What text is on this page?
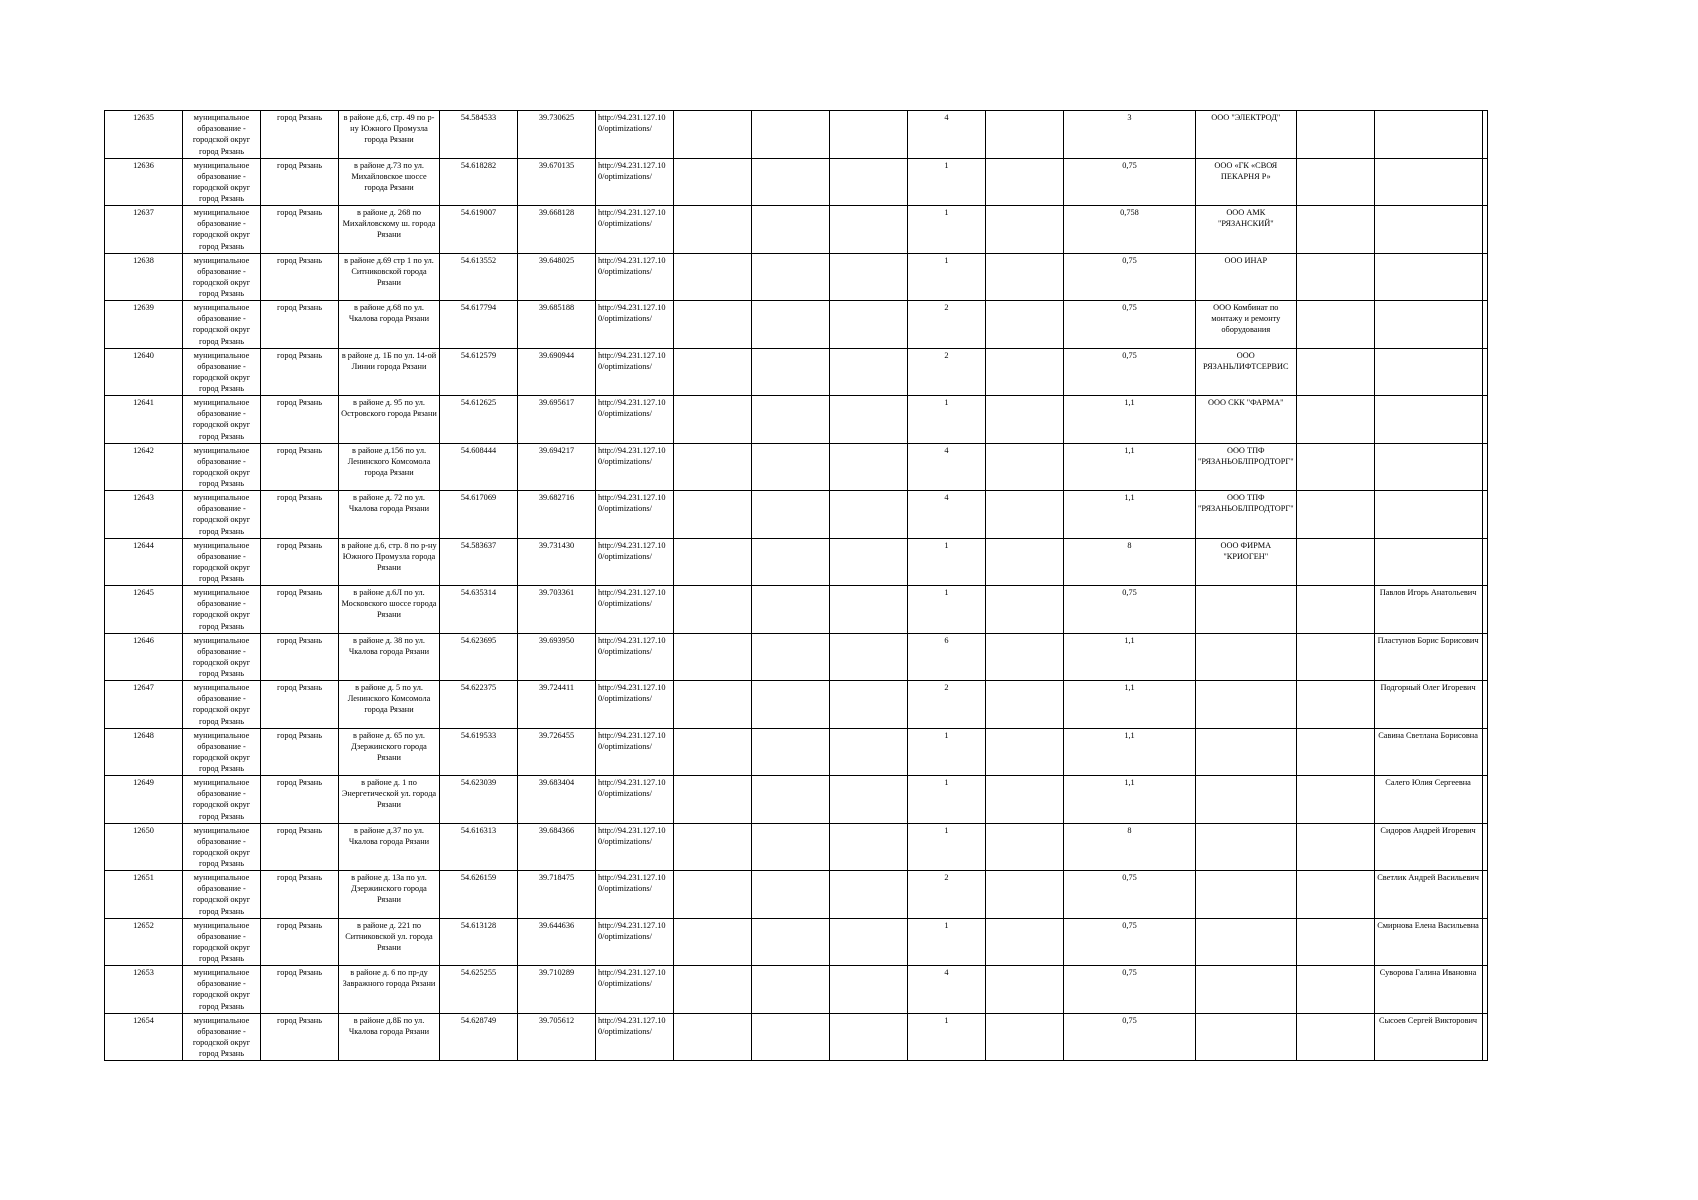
12635	муниципальное образование - городской округ город Рязань	город Рязань	в районе д.6, стр. 49 по р-ну Южного Промузла города Рязани	54.584533	39.730625	http://94.231.127.10 0/optimizations/				4		3	ООО "ЭЛЕКТРОД"			
12636	муниципальное образование - городской округ город Рязань	город Рязань	в районе д.73 по ул. Михайловское шоссе города Рязани	54.618282	39.670135	http://94.231.127.10 0/optimizations/				1		0,75	ООО «ГК «СВОЯ ПЕКАРНЯ Р»			
12637	муниципальное образование - городской округ город Рязань	город Рязань	в районе д. 268 по Михайловскому ш. города Рязани	54.619007	39.668128	http://94.231.127.10 0/optimizations/				1		0,758	ООО АМК "РЯЗАНСКИЙ"			
12638	муниципальное образование - городской округ город Рязань	город Рязань	в районе д.69 стр 1 по ул. Ситниковской города Рязани	54.613552	39.648025	http://94.231.127.10 0/optimizations/				1		0,75	ООО ИНАР			
12639	муниципальное образование - городской округ город Рязань	город Рязань	в районе д.68 по ул. Чкалова города Рязани	54.617794	39.685188	http://94.231.127.10 0/optimizations/				2		0,75	ООО Комбинат по монтажу и ремонту оборудования			
12640	муниципальное образование - городской округ город Рязань	город Рязань	в районе д. 1Б по ул. 14-ой Линии города Рязани	54.612579	39.690944	http://94.231.127.10 0/optimizations/				2		0,75	ООО РЯЗАНЬЛИФТСЕРВИС			
12641	муниципальное образование - городской округ город Рязань	город Рязань	в районе д. 95 по ул. Островского города Рязани	54.612625	39.695617	http://94.231.127.10 0/optimizations/				1		1,1	ООО СКК "ФАРМА"			
12642	муниципальное образование - городской округ город Рязань	город Рязань	в районе д.156 по ул. Ленинского Комсомола города Рязани	54.608444	39.694217	http://94.231.127.10 0/optimizations/				4		1,1	ООО ТПФ "РЯЗАНЬОБЛПРОДТОРГ"			
12643	муниципальное образование - городской округ город Рязань	город Рязань	в районе д. 72 по ул. Чкалова города Рязани	54.617069	39.682716	http://94.231.127.10 0/optimizations/				4		1,1	ООО ТПФ "РЯЗАНЬОБЛПРОДТОРГ"			
12644	муниципальное образование - городской округ город Рязань	город Рязань	в районе д.6, стр. 8 по р-ну Южного Промузла города Рязани	54.583637	39.731430	http://94.231.127.10 0/optimizations/				1		8	ООО ФИРМА "КРИОГЕН"			
12645	муниципальное образование - городской округ город Рязань	город Рязань	в районе д.6Л по ул. Московского шоссе города Рязани	54.635314	39.703361	http://94.231.127.10 0/optimizations/				1		0,75			Павлов Игорь Анатольевич	
12646	муниципальное образование - городской округ город Рязань	город Рязань	в районе д. 38 по ул. Чкалова города Рязани	54.623695	39.693950	http://94.231.127.10 0/optimizations/				6		1,1			Пластунов Борис Борисович	
12647	муниципальное образование - городской округ город Рязань	город Рязань	в районе д. 5 по ул. Ленинского Комсомола города Рязани	54.622375	39.724411	http://94.231.127.10 0/optimizations/				2		1,1			Подгорный Олег Игоревич	
12648	муниципальное образование - городской округ город Рязань	город Рязань	в районе д. 65 по ул. Дзержинского города Рязани	54.619533	39.726455	http://94.231.127.10 0/optimizations/				1		1,1			Савина Светлана Борисовна	
12649	муниципальное образование - городской округ город Рязань	город Рязань	в районе д. 1 по Энергетической ул. города Рязани	54.623039	39.683404	http://94.231.127.10 0/optimizations/				1		1,1			Салего Юлия Сергеевна	
12650	муниципальное образование - городской округ город Рязань	город Рязань	в районе д.37 по ул. Чкалова города Рязани	54.616313	39.684366	http://94.231.127.10 0/optimizations/				1		8			Сидоров Андрей Игоревич	
12651	муниципальное образование - городской округ город Рязань	город Рязань	в районе д. 13а по ул. Дзержинского города Рязани	54.626159	39.718475	http://94.231.127.10 0/optimizations/				2		0,75			Светлик Андрей Васильевич	
12652	муниципальное образование - городской округ город Рязань	город Рязань	в районе д. 221 по Ситниковской ул. города Рязани	54.613128	39.644636	http://94.231.127.10 0/optimizations/				1		0,75			Смирнова Елена Васильевна	
12653	муниципальное образование - городской округ город Рязань	город Рязань	в районе д. 6 по пр-ду Завражного города Рязани	54.625255	39.710289	http://94.231.127.10 0/optimizations/				4		0,75			Суворова Галина Ивановна	
12654	муниципальное образование - городской округ город Рязань	город Рязань	в районе д.8Б по ул. Чкалова города Рязани	54.628749	39.705612	http://94.231.127.10 0/optimizations/				1		0,75			Сысоев Сергей Викторович	
